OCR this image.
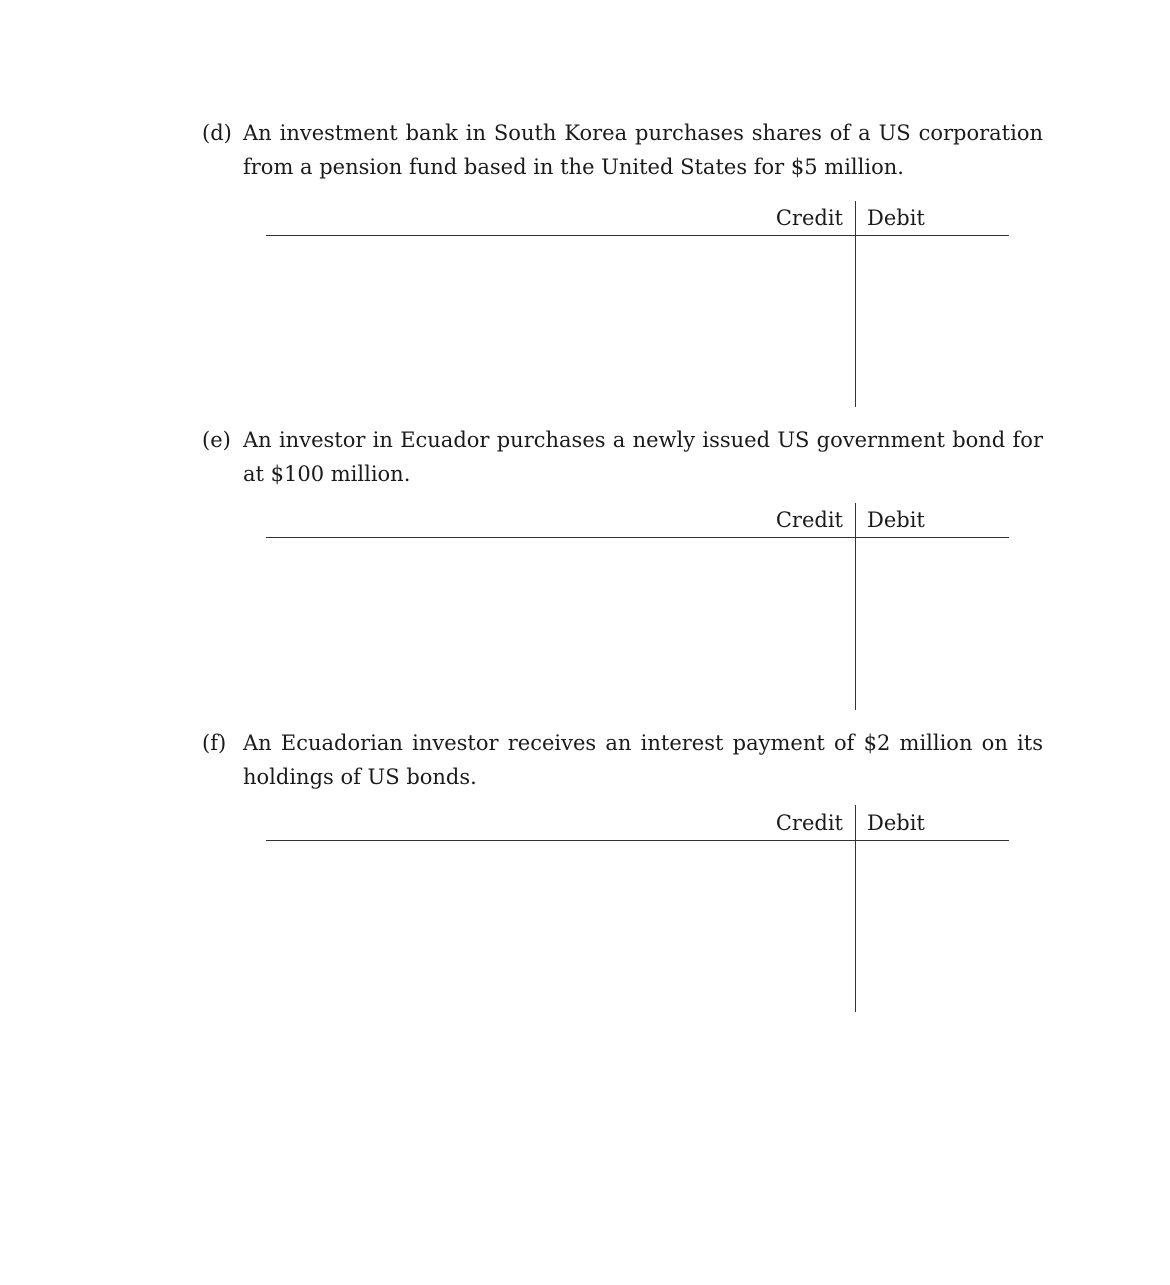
(d) An investment bank in South Korea purchases shares of a US corporation from a pension fund based in the United States for $5 million.
Credit Debit
(e) An investor in Ecuador purchases a newly issued US government bond for at $100 million.
Credit Debit
(f) An Ecuadorian investor receives an interest payment of $2 million on its holdings of US bonds.
Credit Debit
